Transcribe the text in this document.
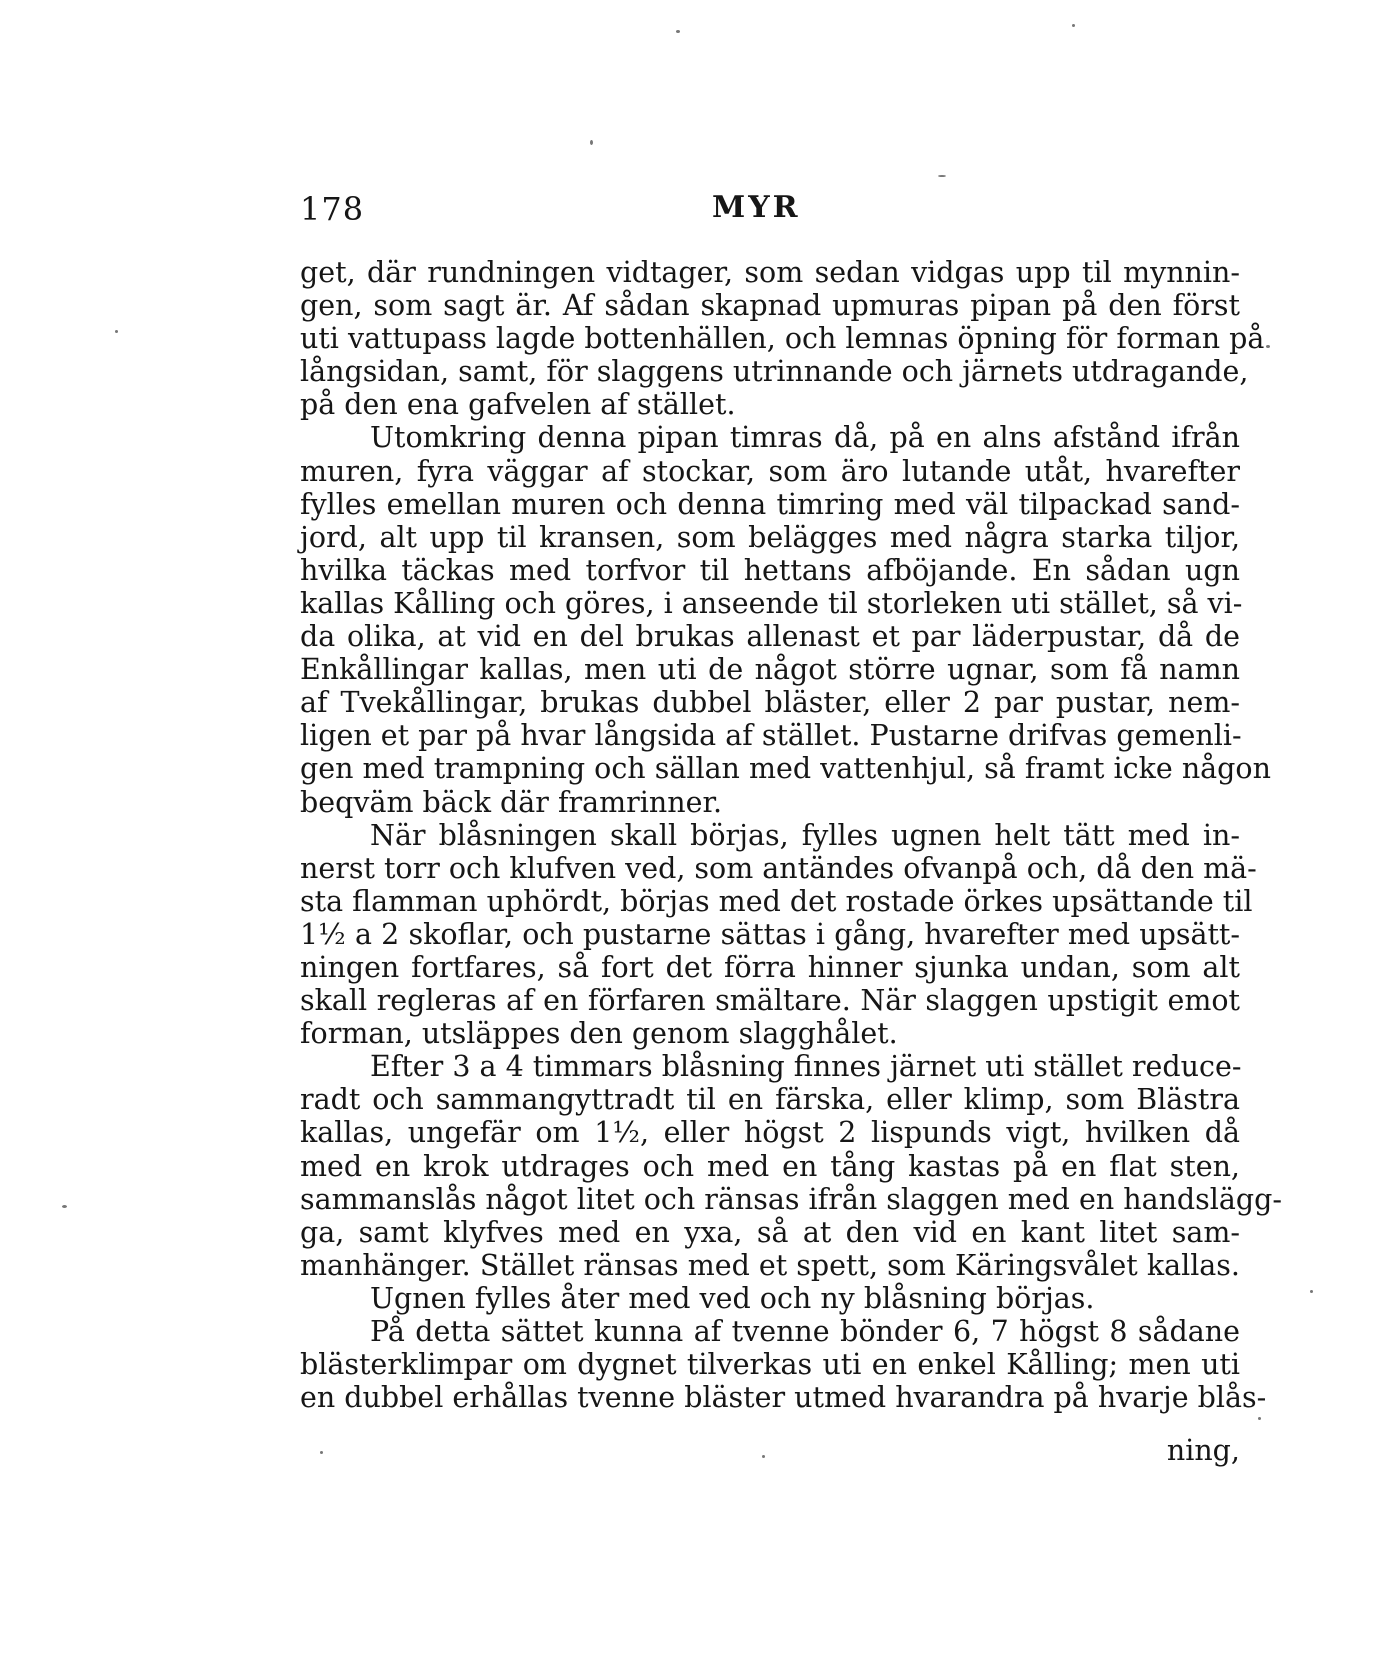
178	MYR
get, där rundningen vidtager, som sedan vidgas upp til mynnin-
gen, som sagt är. Af sådan skapnad upmuras pipan på den först
uti vattupass lagde bottenhällen, och lemnas öpning för forman på
långsidan, samt, för slaggens utrinnande och järnets utdragande,
på den ena gafvelen af stället.
Utomkring denna pipan timras då, på en alns afstånd ifrån
muren, fyra väggar af stockar, som äro lutande utåt, hvarefter
fylles emellan muren och denna timring med väl tilpackad sand-
jord, alt upp til kransen, som belägges med några starka tiljor,
hvilka täckas med torfvor til hettans afböjande. En sådan ugn
kallas Kålling och göres, i anseende til storleken uti stället, så vi-
da olika, at vid en del brukas allenast et par läderpustar, då de
Enkållingar kallas, men uti de något större ugnar, som få namn
af Tvekållingar, brukas dubbel bläster, eller 2 par pustar, nem-
ligen et par på hvar långsida af stället. Pustarne drifvas gemenli-
gen med trampning och sällan med vattenhjul, så framt icke någon
beqväm bäck där framrinner.
När blåsningen skall börjas, fylles ugnen helt tätt med in-
nerst torr och klufven ved, som antändes ofvanpå och, då den mä-
sta flamman uphördt, börjas med det rostade örkes upsättande til
1½ a 2 skoflar, och pustarne sättas i gång, hvarefter med upsätt-
ningen fortfares, så fort det förra hinner sjunka undan, som alt
skall regleras af en förfaren smältare. När slaggen upstigit emot
forman, utsläppes den genom slagghålet.
Efter 3 a 4 timmars blåsning finnes järnet uti stället reduce-
radt och sammangyttradt til en färska, eller klimp, som Blästra
kallas, ungefär om 1½, eller högst 2 lispunds vigt, hvilken då
med en krok utdrages och med en tång kastas på en flat sten,
sammanslås något litet och ränsas ifrån slaggen med en handslägg-
ga, samt klyfves med en yxa, så at den vid en kant litet sam-
manhänger. Stället ränsas med et spett, som Käringsvålet kallas.
Ugnen fylles åter med ved och ny blåsning börjas.
På detta sättet kunna af tvenne bönder 6, 7 högst 8 sådane
blästerklimpar om dygnet tilverkas uti en enkel Kålling; men uti
en dubbel erhållas tvenne bläster utmed hvarandra på hvarje blås-
ning,
